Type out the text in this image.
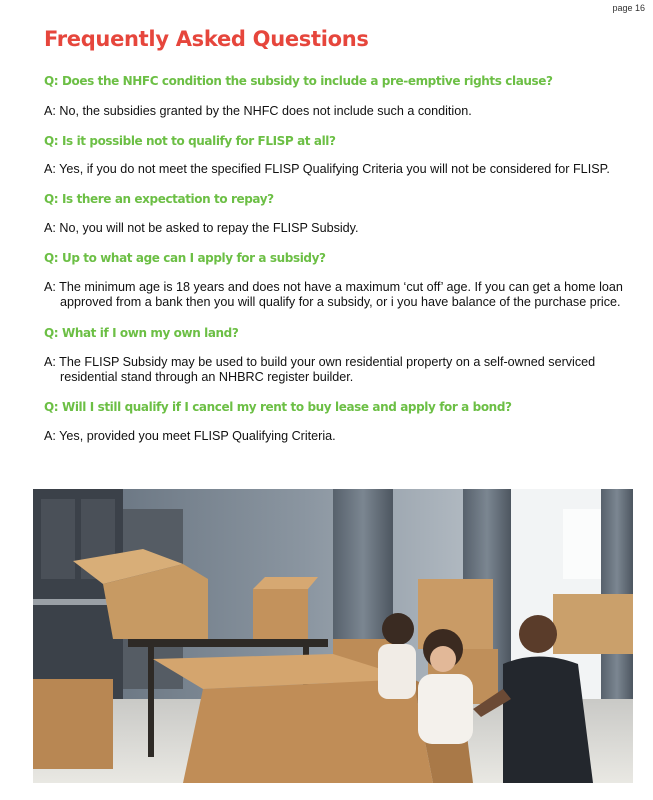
page 16
Frequently Asked Questions

Q: Does the NHFC condition the subsidy to include a pre-emptive rights clause?

A: No, the subsidies granted by the NHFC does not include such a condition.

Q: Is it possible not to qualify for FLISP at all?

A: Yes, if you do not meet the specified FLISP Qualifying Criteria you will not be considered for FLISP.

Q: Is there an expectation to repay?

A: No, you will not be asked to repay the FLISP Subsidy.

Q: Up to what age can I apply for a subsidy?

A: The minimum age is 18 years and does not have a maximum ‘cut off’ age. If you can get a home loan approved from a bank then you will qualify for a subsidy, or i you have balance of the purchase price.

Q: What if I own my own land?

A: The FLISP Subsidy may be used to build your own residential property on a self-owned serviced residential stand through an NHBRC register builder.

Q: Will I still qualify if I cancel my rent to buy lease and apply for a bond?

A: Yes, provided you meet FLISP Qualifying Criteria.
